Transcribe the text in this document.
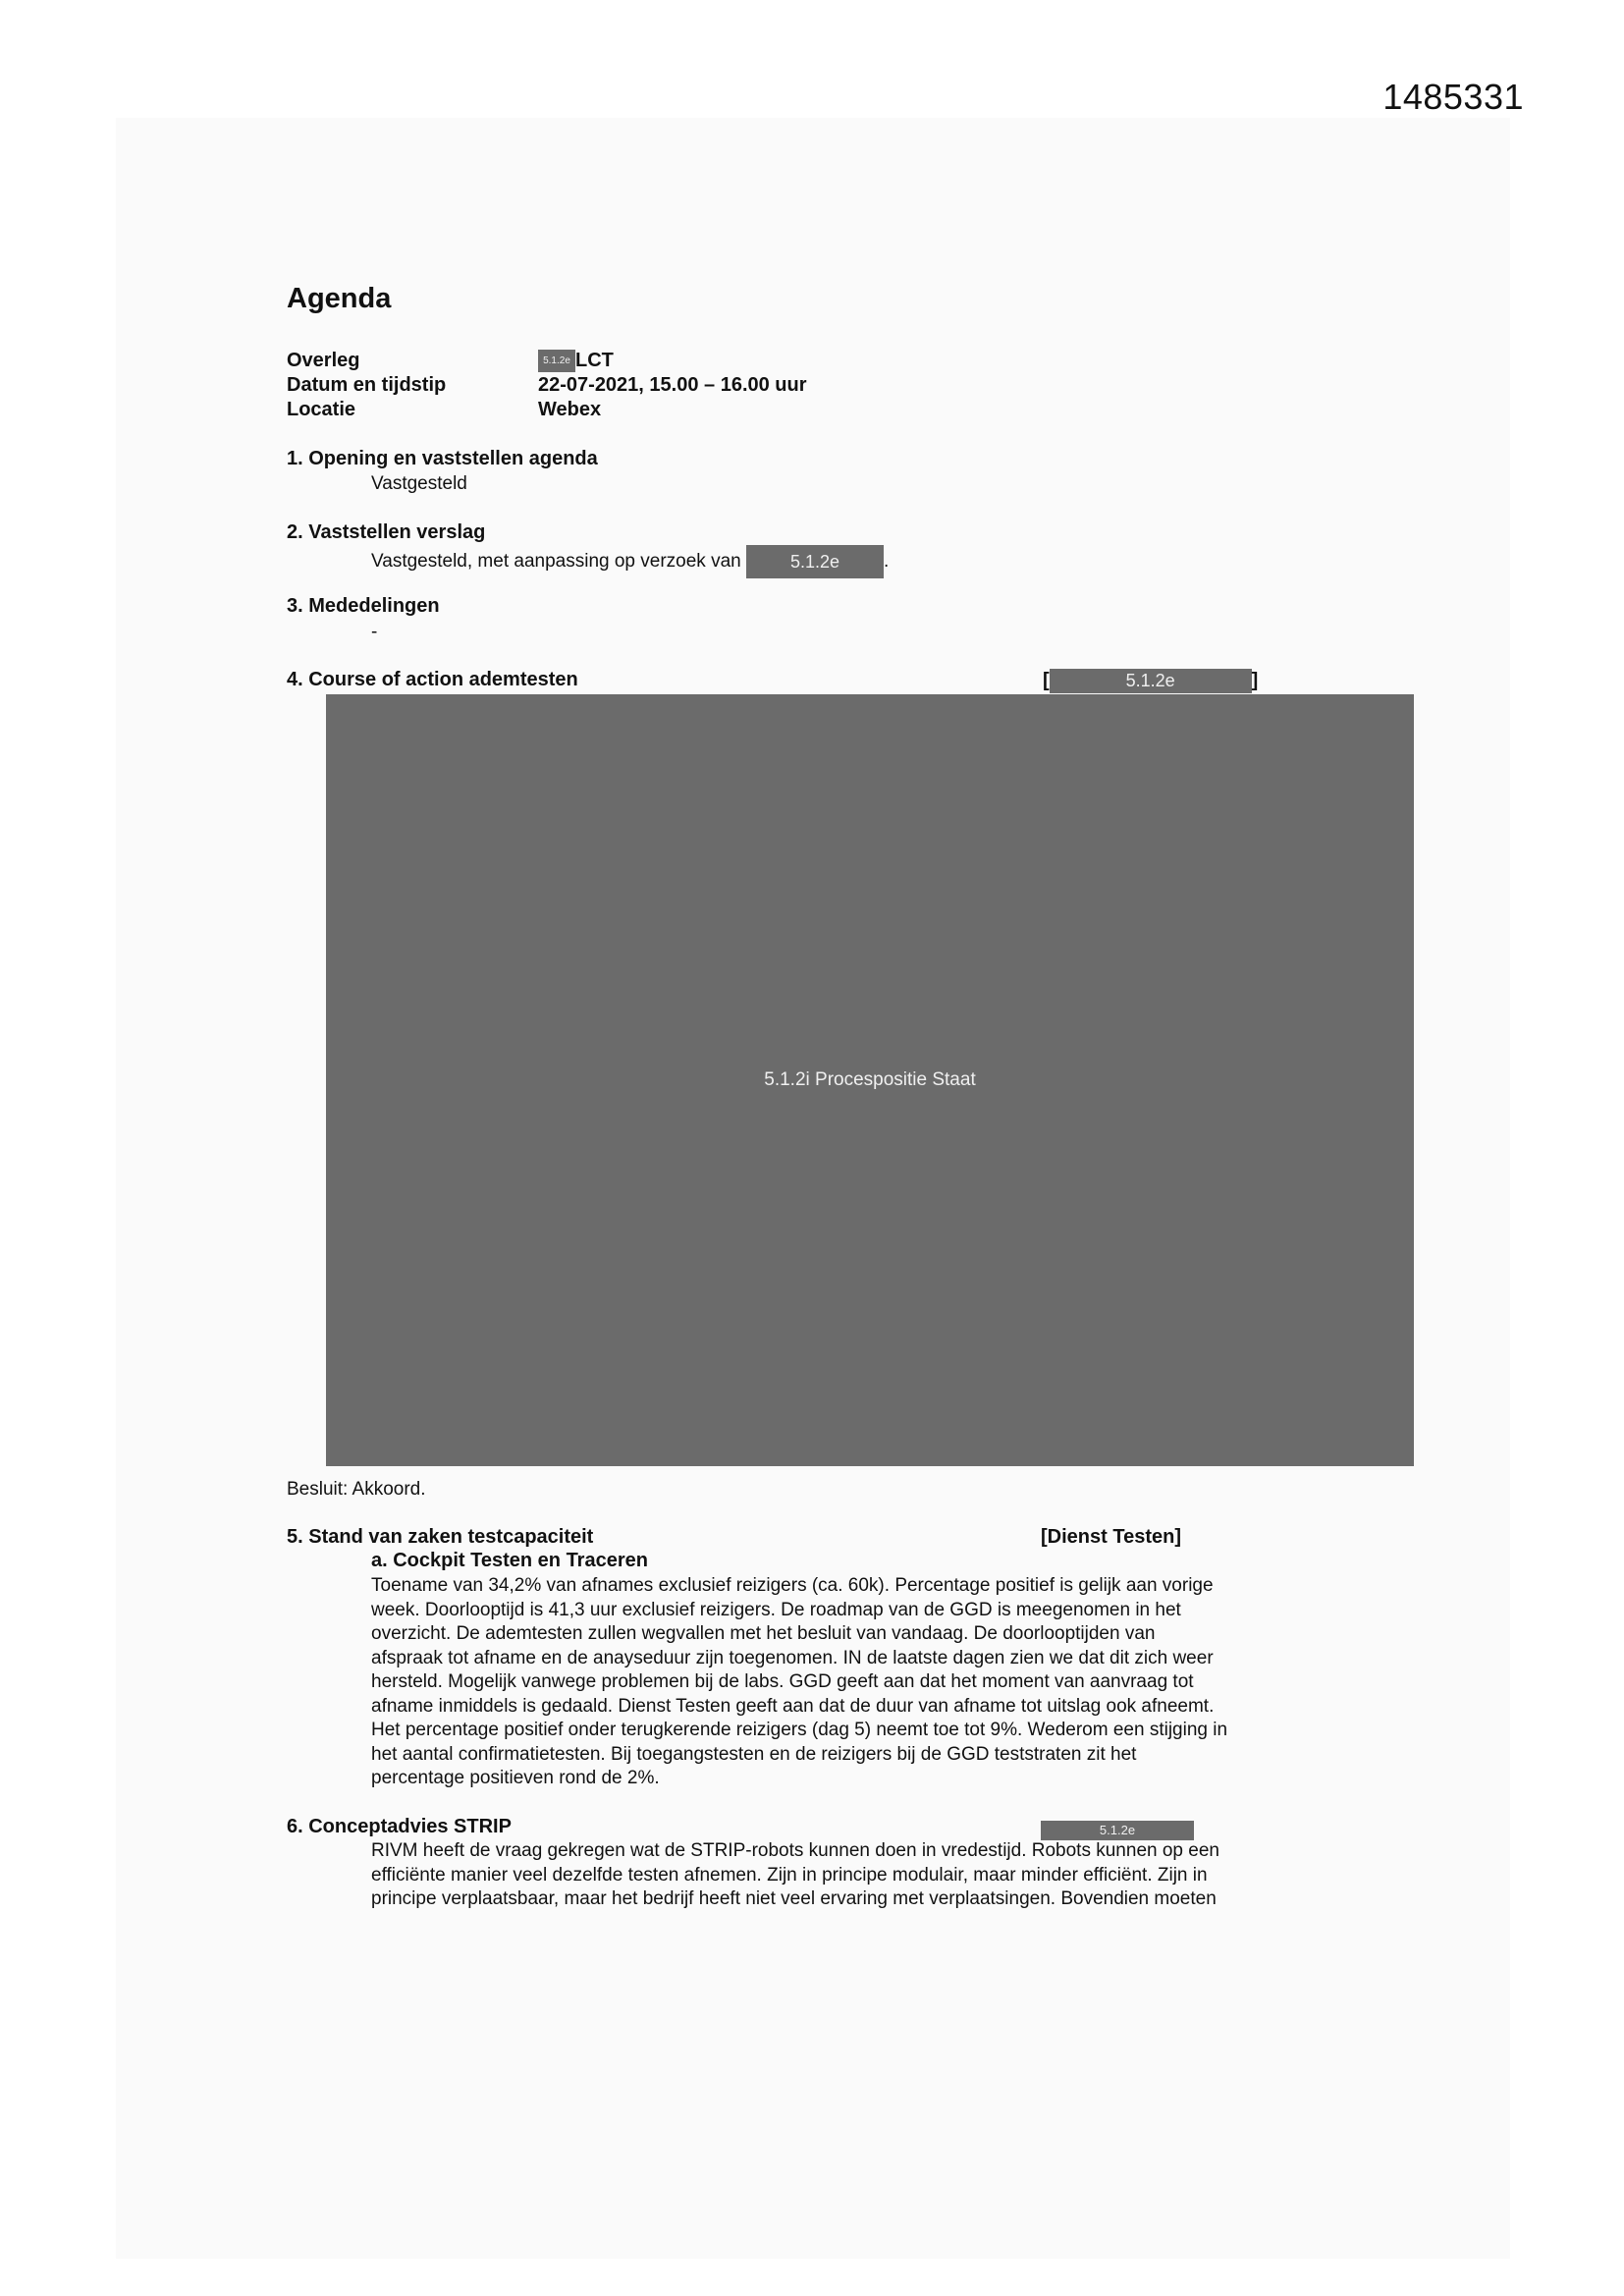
1485331
Agenda
Overleg	5.1.2e LCT
Datum en tijdstip	22-07-2021, 15.00 – 16.00 uur
Locatie	Webex
1. Opening en vaststellen agenda
Vastgesteld
2. Vaststellen verslag
Vastgesteld, met aanpassing op verzoek van	5.1.2e .
3. Mededelingen
-
4. Course of action ademtesten	[	5.1.2e	]
5.1.2i Procespositie Staat
Besluit: Akkoord.
5. Stand van zaken testcapaciteit	[Dienst Testen]
a. Cockpit Testen en Traceren
Toename van 34,2% van afnames exclusief reizigers (ca. 60k). Percentage positief is gelijk aan vorige
week. Doorlooptijd is 41,3 uur exclusief reizigers. De roadmap van de GGD is meegenomen in het
overzicht. De ademtesten zullen wegvallen met het besluit van vandaag. De doorlooptijden van
afspraak tot afname en de anayseduur zijn toegenomen. IN de laatste dagen zien we dat dit zich weer
hersteld. Mogelijk vanwege problemen bij de labs. GGD geeft aan dat het moment van aanvraag tot
afname inmiddels is gedaald. Dienst Testen geeft aan dat de duur van afname tot uitslag ook afneemt.
Het percentage positief onder terugkerende reizigers (dag 5) neemt toe tot 9%. Wederom een stijging in
het aantal confirmatietesten. Bij toegangstesten en de reizigers bij de GGD teststraten zit het
percentage positieven rond de 2%.
6. Conceptadvies STRIP	5.1.2e
RIVM heeft de vraag gekregen wat de STRIP-robots kunnen doen in vredestijd. Robots kunnen op een
efficiënte manier veel dezelfde testen afnemen. Zijn in principe modulair, maar minder efficiënt. Zijn in
principe verplaatsbaar, maar het bedrijf heeft niet veel ervaring met verplaatsingen. Bovendien moeten
